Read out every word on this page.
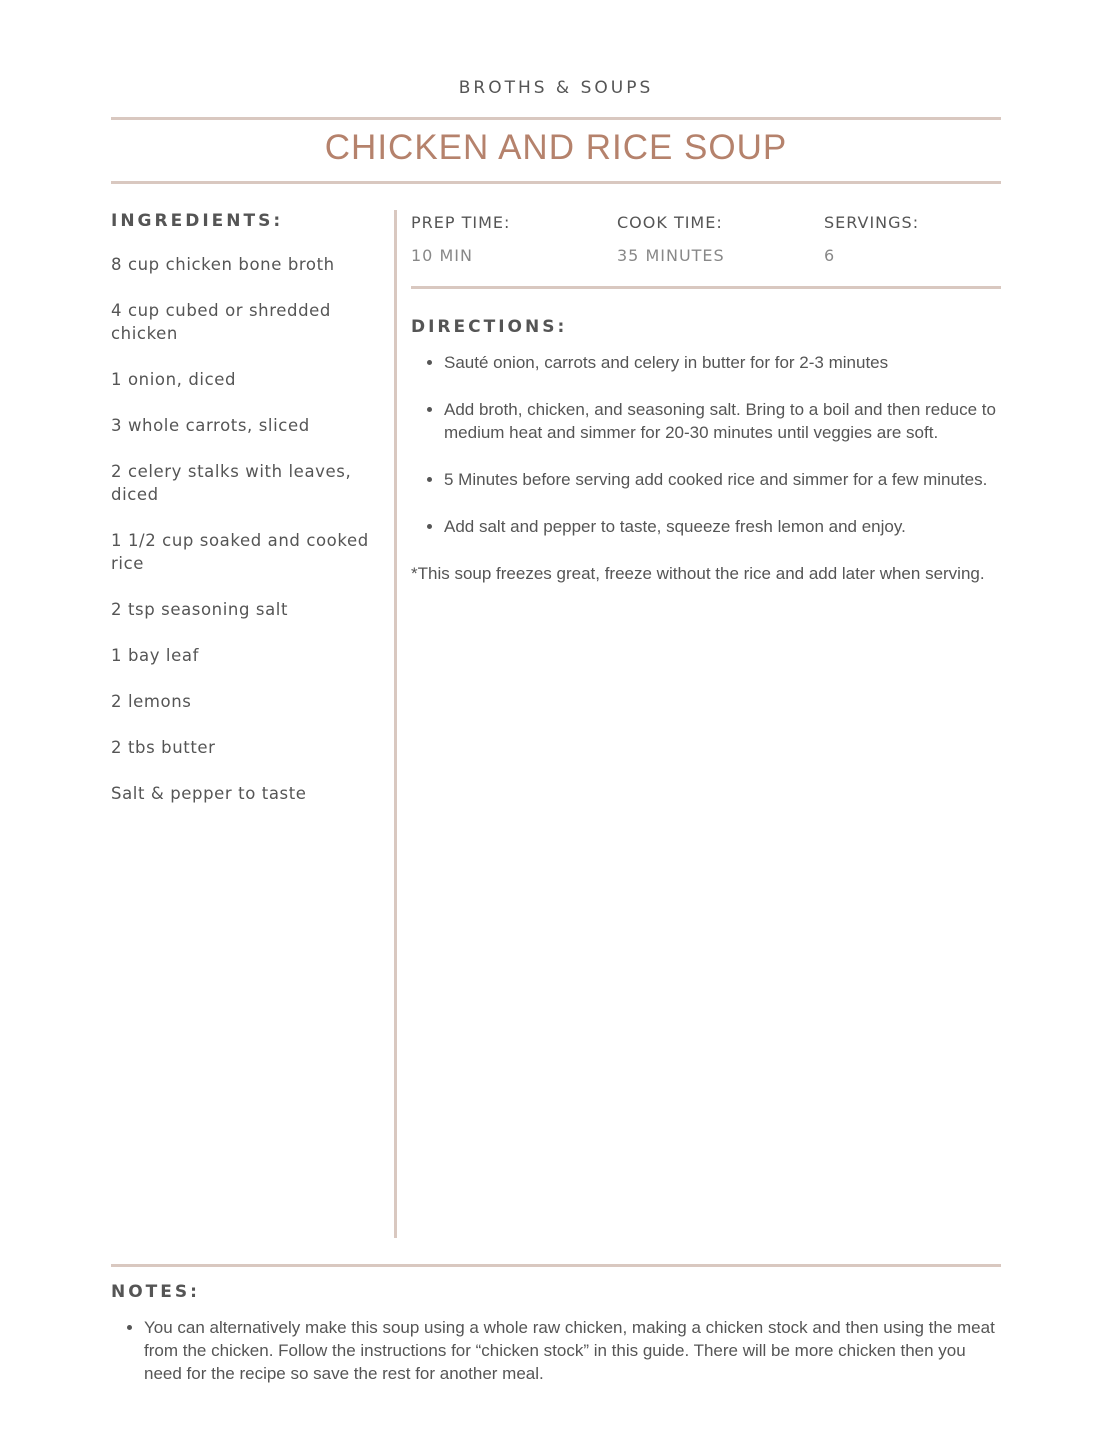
BROTHS & SOUPS
CHICKEN AND RICE SOUP
INGREDIENTS:
8 cup chicken bone broth
4 cup cubed or shredded chicken
1 onion, diced
3 whole carrots, sliced
2 celery stalks with leaves, diced
1 1/2 cup soaked and cooked rice
2 tsp seasoning salt
1 bay leaf
2 lemons
2 tbs butter
Salt & pepper to taste
PREP TIME:
10 MIN
COOK TIME:
35 MINUTES
SERVINGS:
6
DIRECTIONS:
• Sauté onion, carrots and celery in butter for for 2-3 minutes
• Add broth, chicken, and seasoning salt. Bring to a boil and then reduce to medium heat and simmer for 20-30 minutes until veggies are soft.
• 5 Minutes before serving add cooked rice and simmer for a few minutes.
• Add salt and pepper to taste, squeeze fresh lemon and enjoy.
*This soup freezes great, freeze without the rice and add later when serving.
NOTES:
• You can alternatively make this soup using a whole raw chicken, making a chicken stock and then using the meat from the chicken. Follow the instructions for “chicken stock” in this guide. There will be more chicken then you need for the recipe so save the rest for another meal.
